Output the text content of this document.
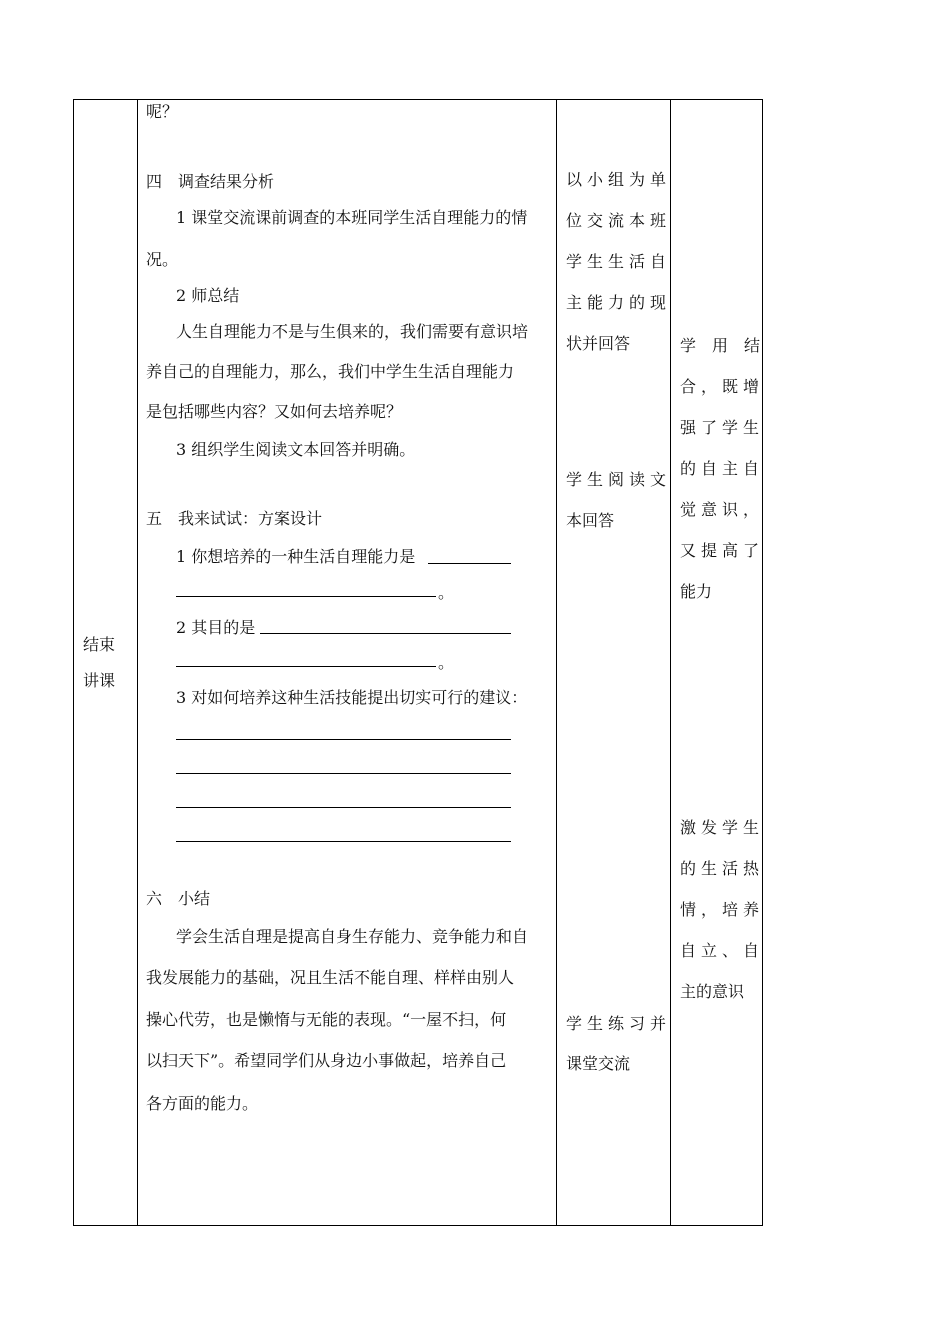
结束
讲课
呢？
四　调查结果分析
1 课堂交流课前调查的本班同学生活自理能力的情
况。
2 师总结
人生自理能力不是与生俱来的，我们需要有意识培
养自己的自理能力，那么，我们中学生生活自理能力
是包括哪些内容？又如何去培养呢？
3 组织学生阅读文本回答并明确。
五　我来试试：方案设计
1 你想培养的一种生活自理能力是
。
2 其目的是
。
3 对如何培养这种生活技能提出切实可行的建议：
六　小结
学会生活自理是提高自身生存能力、竞争能力和自
我发展能力的基础，况且生活不能自理、样样由别人
操心代劳，也是懒惰与无能的表现。“一屋不扫，何
以扫天下”。希望同学们从身边小事做起，培养自己
各方面的能力。
以小组为单
位交流本班
学生生活自
主能力的现
状并回答
学生阅读文
本回答
学生练习并
课堂交流
学　用　结
合，既增
强了学生
的自主自
觉意识，
又提高了
能力
激发学生
的生活热
情，培养
自立、自
主的意识
